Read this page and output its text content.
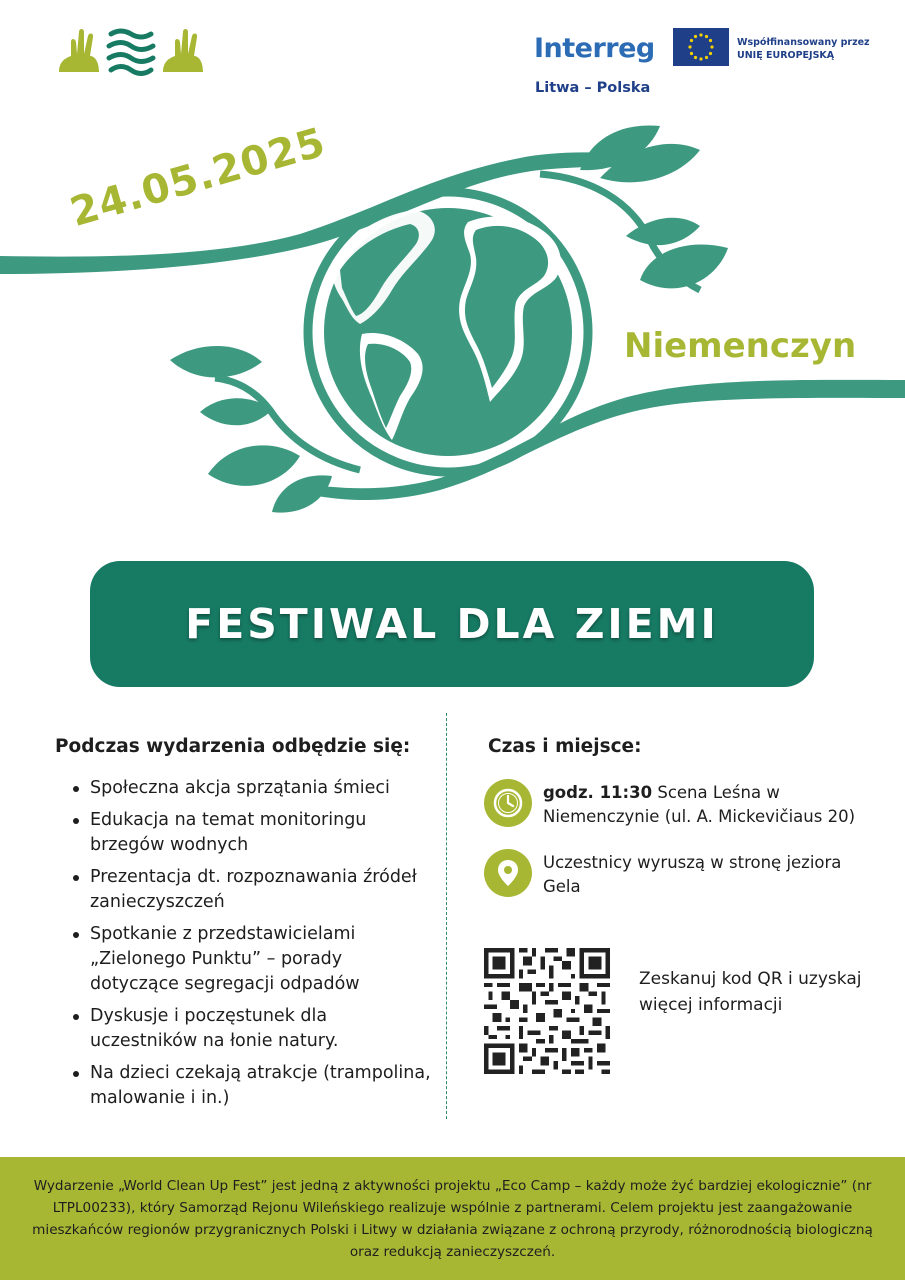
Interreg
Litwa – Polska
Współfinansowany przez
UNIĘ EUROPEJSKĄ
24.05.2025
Niemenczyn
FESTIWAL DLA ZIEMI
Podczas wydarzenia odbędzie się:
Społeczna akcja sprzątania śmieci
Edukacja na temat monitoringu brzegów wodnych
Prezentacja dt. rozpoznawania źródeł zanieczyszczeń
Spotkanie z przedstawicielami „Zielonego Punktu” – porady dotyczące segregacji odpadów
Dyskusje i poczęstunek dla uczestników na łonie natury.
Na dzieci czekają atrakcje (trampolina, malowanie i in.)
Czas i miejsce:
godz. 11:30 Scena Leśna w Niemenczynie (ul. A. Mickevičiaus 20)
Uczestnicy wyruszą w stronę jeziora Gela
Zeskanuj kod QR i uzyskaj więcej informacji
Wydarzenie „World Clean Up Fest” jest jedną z aktywności projektu „Eco Camp – każdy może żyć bardziej ekologicznie” (nr LTPL00233), który Samorząd Rejonu Wileńskiego realizuje wspólnie z partnerami. Celem projektu jest zaangażowanie mieszkańców regionów przygranicznych Polski i Litwy w działania związane z ochroną przyrody, różnorodnością biologiczną oraz redukcją zanieczyszczeń.
